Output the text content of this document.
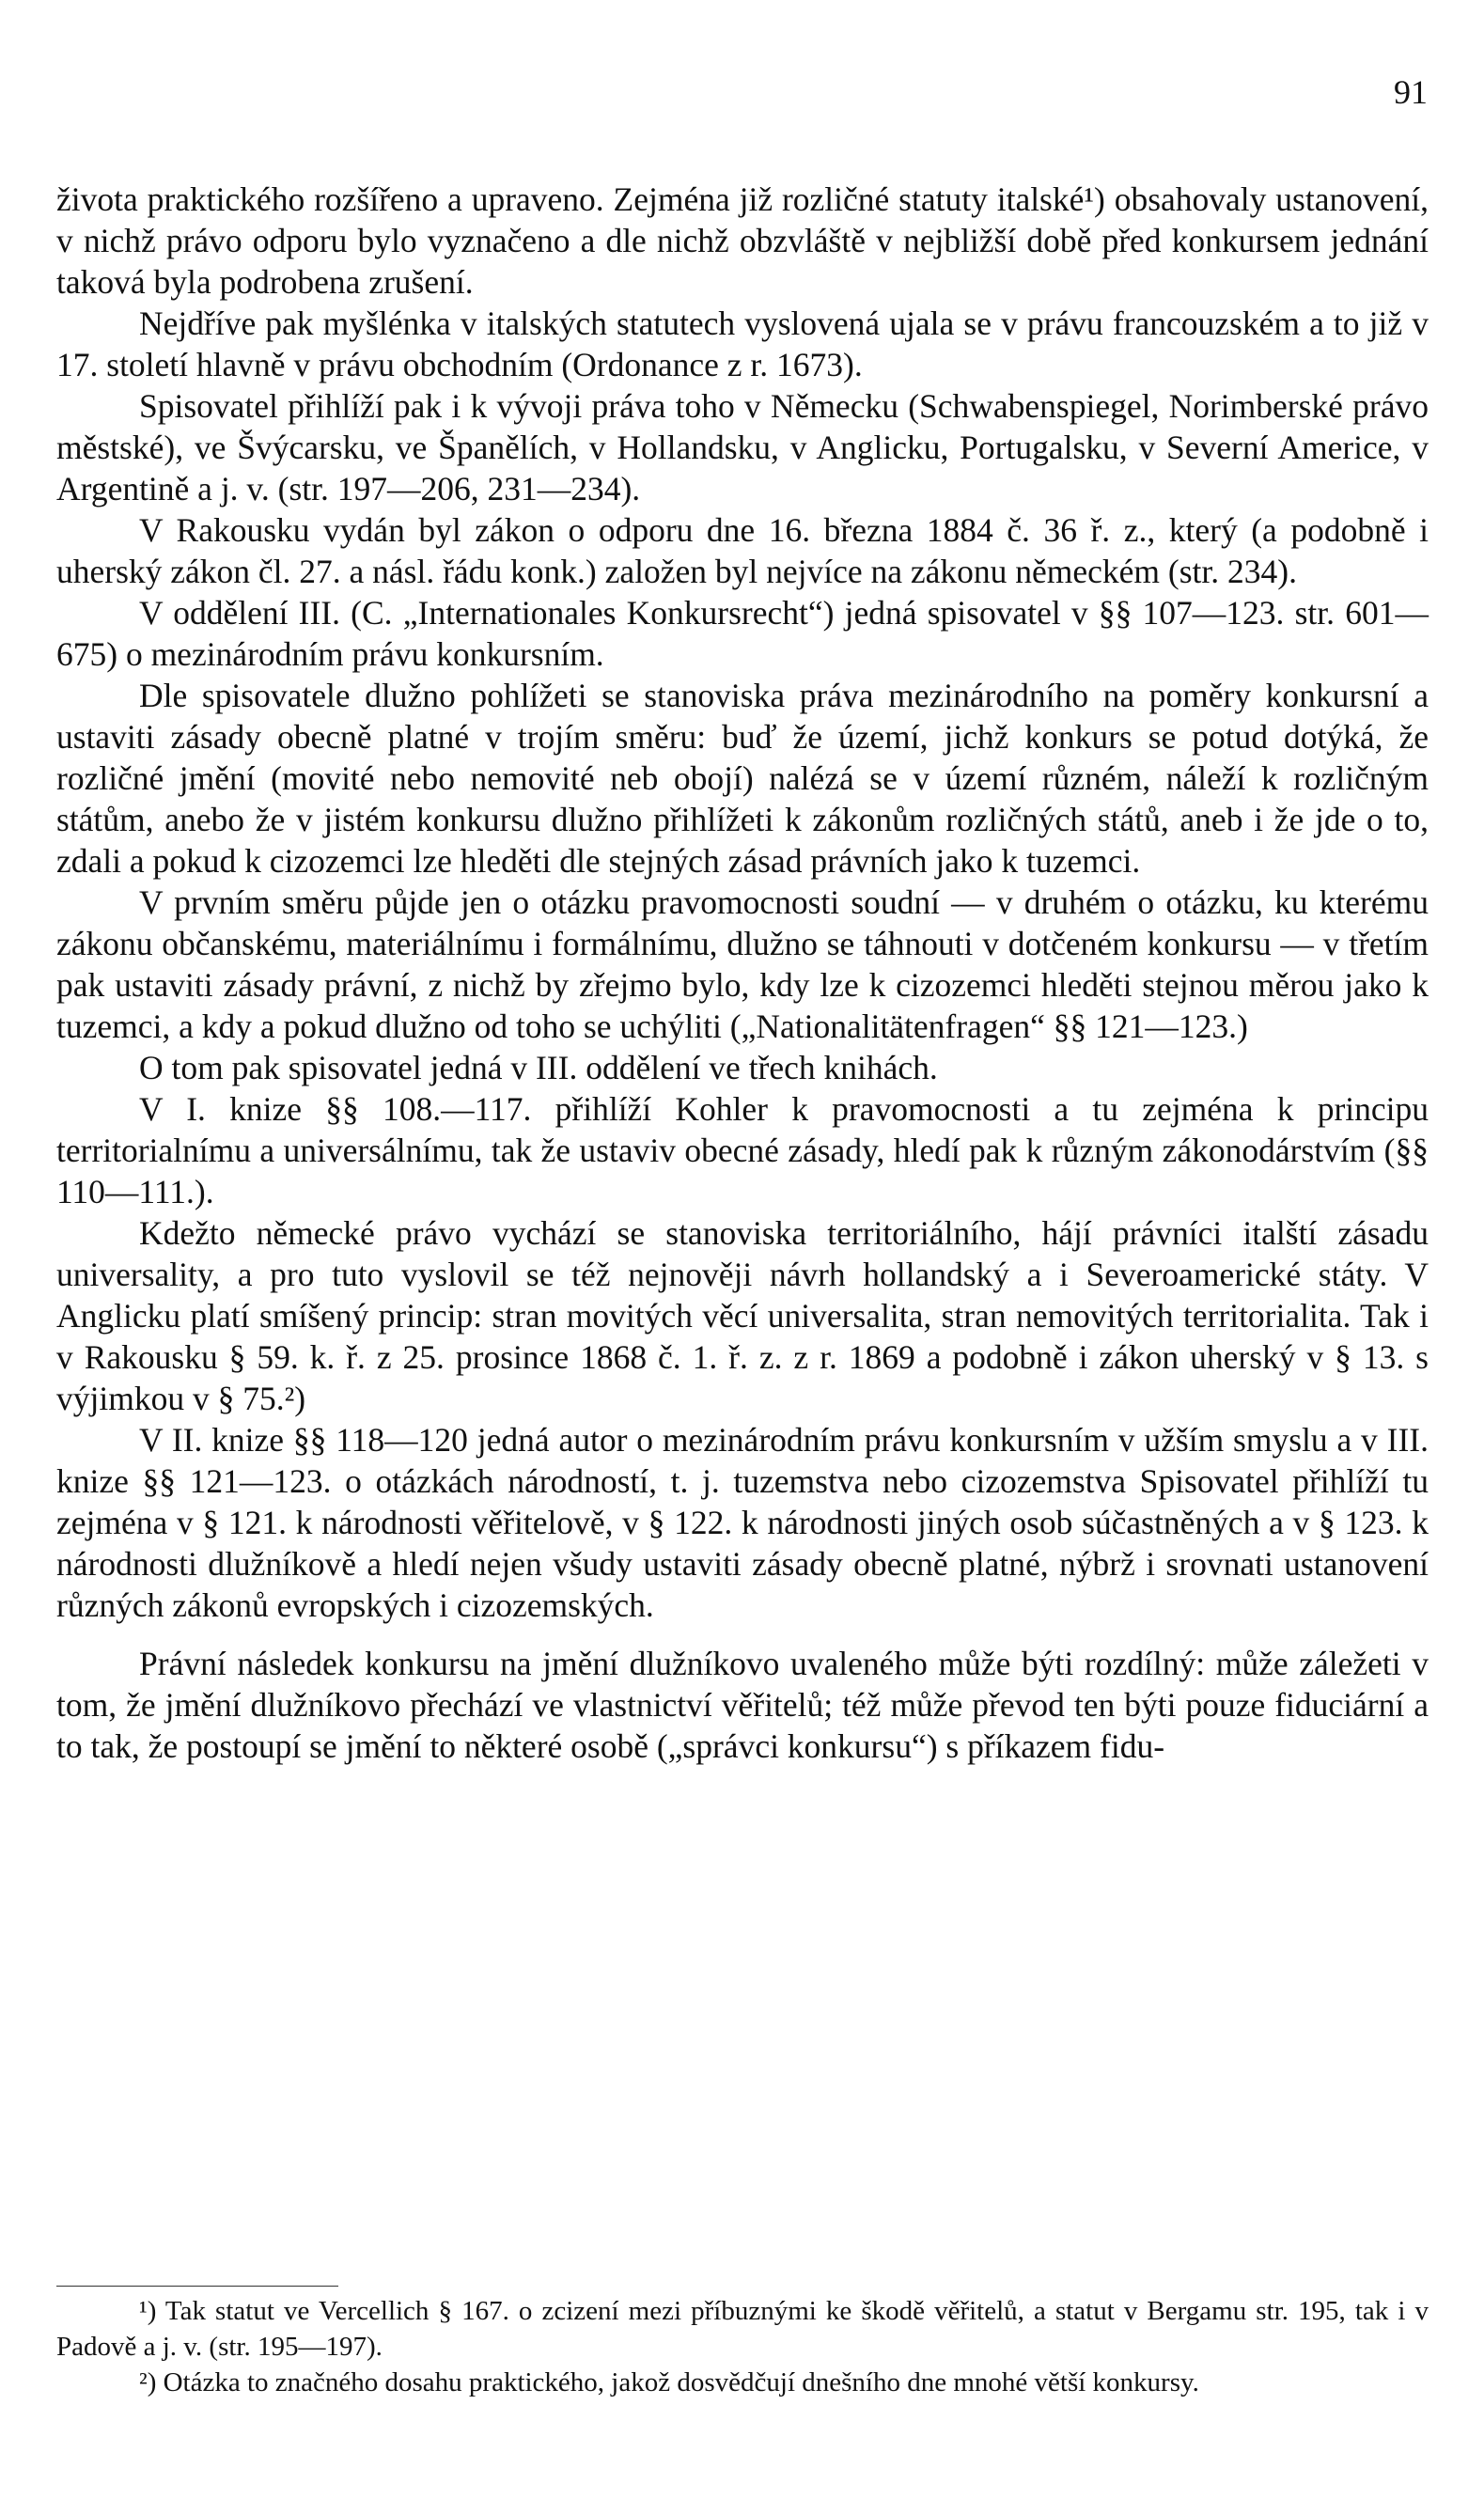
91

života praktického rozšířeno a upraveno. Zejména již rozličné statuty italské¹) obsahovaly ustanovení, v nichž právo odporu bylo vyznačeno a dle nichž obzvláště v nejbližší době před konkursem jednání taková byla podrobena zrušení.

Nejdříve pak myšlénka v italských statutech vyslovená ujala se v právu francouzském a to již v 17. století hlavně v právu obchodním (Ordonance z r. 1673).

Spisovatel přihlíží pak i k vývoji práva toho v Německu (Schwabenspiegel, Norimberské právo městské), ve Švýcarsku, ve Španělích, v Hollandsku, v Anglicku, Portugalsku, v Severní Americe, v Argentině a j. v. (str. 197—206, 231—234).

V Rakousku vydán byl zákon o odporu dne 16. března 1884 č. 36 ř. z., který (a podobně i uherský zákon čl. 27. a násl. řádu konk.) založen byl nejvíce na zákonu německém (str. 234).

V oddělení III. (C. „Internationales Konkursrecht“) jedná spisovatel v §§ 107—123. str. 601—675) o mezinárodním právu konkursním.

Dle spisovatele dlužno pohlížeti se stanoviska práva mezinárodního na poměry konkursní a ustaviti zásady obecně platné v trojím směru: buď že území, jichž konkurs se potud dotýká, že rozličné jmění (movité nebo nemovité neb obojí) nalézá se v území různém, náleží k rozličným státům, anebo že v jistém konkursu dlužno přihlížeti k zákonům rozličných států, aneb i že jde o to, zdali a pokud k cizozemci lze hleděti dle stejných zásad právních jako k tuzemci.

V prvním směru půjde jen o otázku pravomocnosti soudní — v druhém o otázku, ku kterému zákonu občanskému, materiálnímu i formálnímu, dlužno se táhnouti v dotčeném konkursu — v třetím pak ustaviti zásady právní, z nichž by zřejmo bylo, kdy lze k cizozemci hleděti stejnou měrou jako k tuzemci, a kdy a pokud dlužno od toho se uchýliti („Nationalitätenfragen“ §§ 121—123.)

O tom pak spisovatel jedná v III. oddělení ve třech knihách.

V I. knize §§ 108.—117. přihlíží Kohler k pravomocnosti a tu zejména k principu territorialnímu a universálnímu, tak že ustaviv obecné zásady, hledí pak k různým zákonodárstvím (§§ 110—111.).

Kdežto německé právo vychází se stanoviska territoriálního, hájí právníci italští zásadu universality, a pro tuto vyslovil se též nejnověji návrh hollandský a i Severoamerické státy. V Anglicku platí smíšený princip: stran movitých věcí universalita, stran nemovitých territorialita. Tak i v Rakousku § 59. k. ř. z 25. prosince 1868 č. 1. ř. z. z r. 1869 a podobně i zákon uherský v § 13. s výjimkou v § 75.²)

V II. knize §§ 118—120 jedná autor o mezinárodním právu konkursním v užším smyslu a v III. knize §§ 121—123. o otázkách národností, t. j. tuzemstva nebo cizozemstva Spisovatel přihlíží tu zejména v § 121. k národnosti věřitelově, v § 122. k národnosti jiných osob súčastněných a v § 123. k národnosti dlužníkově a hledí nejen všudy ustaviti zásady obecně platné, nýbrž i srovnati ustanovení různých zákonů evropských i cizozemských.

Právní následek konkursu na jmění dlužníkovo uvaleného může býti rozdílný: může záležeti v tom, že jmění dlužníkovo přechází ve vlastnictví věřitelů; též může převod ten býti pouze fiduciární a to tak, že postoupí se jmění to některé osobě („správci konkursu“) s příkazem fidu-

¹) Tak statut ve Vercellich § 167. o zcizení mezi příbuznými ke škodě věřitelů, a statut v Bergamu str. 195, tak i v Padově a j. v. (str. 195—197).

²) Otázka to značného dosahu praktického, jakož dosvědčují dnešního dne mnohé větší konkursy.
